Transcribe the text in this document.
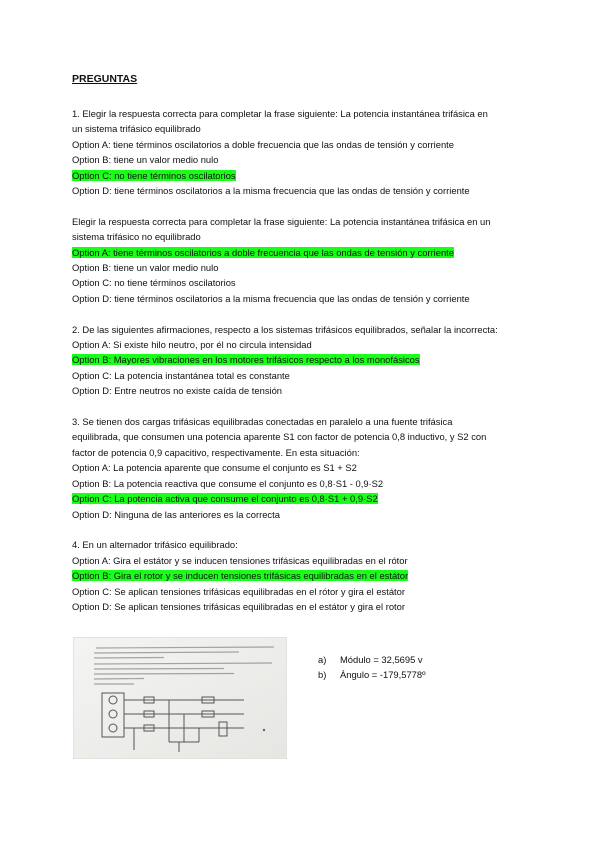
PREGUNTAS
1. Elegir la respuesta correcta para completar la frase siguiente: La potencia instantánea trifásica en
un sistema trifásico equilibrado
Option A: tiene términos oscilatorios a doble frecuencia que las ondas de tensión y corriente
Option B: tiene un valor medio nulo
Option C: no tiene términos oscilatorios
Option D: tiene términos oscilatorios a la misma frecuencia que las ondas de tensión y corriente
Elegir la respuesta correcta para completar la frase siguiente: La potencia instantánea trifásica en un
sistema trifásico no equilibrado
Option A: tiene términos oscilatorios a doble frecuencia que las ondas de tensión y corriente
Option B: tiene un valor medio nulo
Option C: no tiene términos oscilatorios
Option D: tiene términos oscilatorios a la misma frecuencia que las ondas de tensión y corriente
2. De las siguientes afirmaciones, respecto a los sistemas trifásicos equilibrados, señalar la incorrecta:
Option A: Si existe hilo neutro, por él no circula intensidad
Option B: Mayores vibraciones en los motores trifásicos respecto a los monofásicos
Option C: La potencia instantánea total es constante
Option D: Entre neutros no existe caída de tensión
3. Se tienen dos cargas trifásicas equilibradas conectadas en paralelo a una fuente trifásica
equilibrada, que consumen una potencia aparente S1 con factor de potencia 0,8 inductivo, y S2 con
factor de potencia 0,9 capacitivo, respectivamente. En esta situación:
Option A: La potencia aparente que consume el conjunto es S1 + S2
Option B: La potencia reactiva que consume el conjunto es 0,8·S1 - 0,9·S2
Option C: La potencia activa que consume el conjunto es 0,8·S1 + 0,9·S2
Option D: Ninguna de las anteriores es la correcta
4. En un alternador trifásico equilibrado:
Option A: Gira el estátor y se inducen tensiones trifásicas equilibradas en el rótor
Option B: Gira el rotor y se inducen tensiones trifásicas equilibradas en el estátor
Option C: Se aplican tensiones trifásicas equilibradas en el rótor y gira el estátor
Option D: Se aplican tensiones trifásicas equilibradas en el estátor y gira el rotor
a) Módulo = 32,5695 v
b) Ángulo = -179,5778º
